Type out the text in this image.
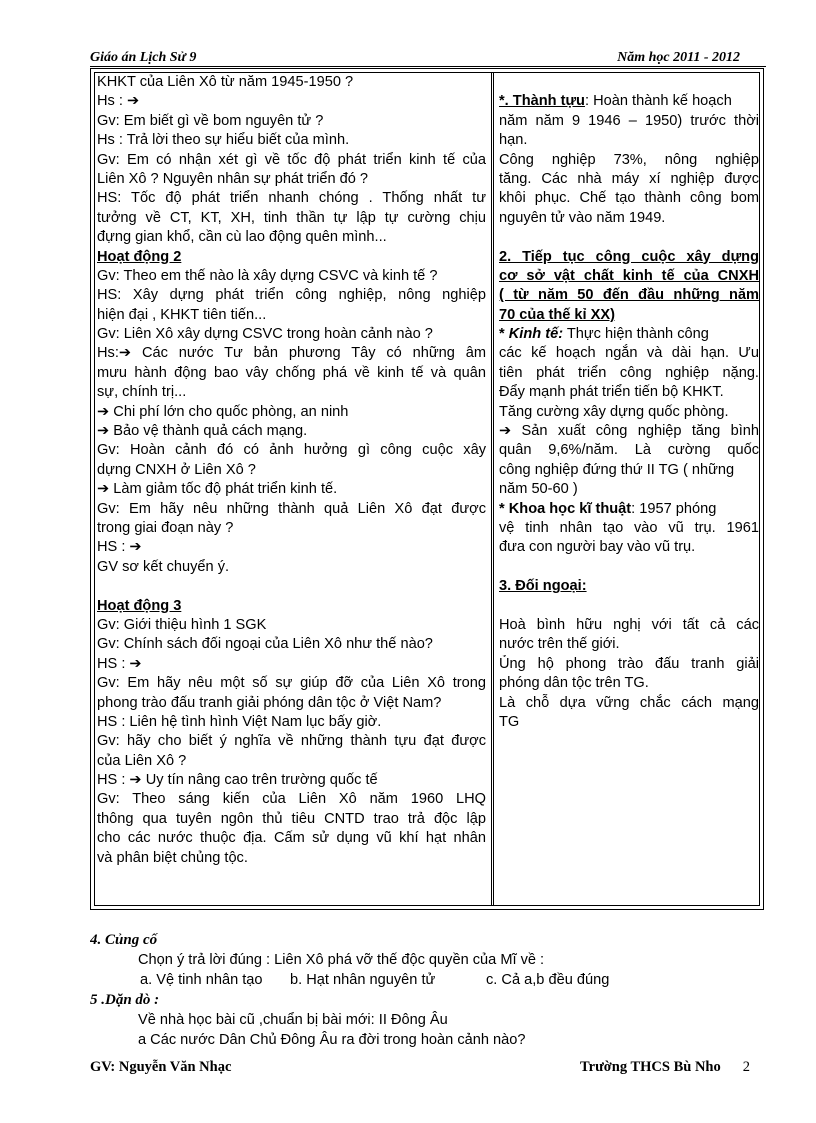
Giáo án Lịch Sử 9	Năm học 2011 - 2012
KHKT của Liên Xô từ năm 1945-1950 ?
Hs : ➔
Gv: Em biết gì về bom nguyên tử ?
Hs : Trả lời theo sự hiểu biết của mình.
Gv: Em có nhận xét gì về tốc độ phát triển kinh tế của
Liên Xô ? Nguyên nhân sự phát triển đó ?
HS: Tốc độ phát triển nhanh chóng . Thống nhất tư
tưởng về CT, KT, XH, tinh thần tự lập tự cường chịu
đựng gian khổ, cần cù lao động quên mình...
Hoạt động 2
Gv: Theo em thế nào là xây dựng CSVC và kinh tế ?
HS: Xây dựng phát triển công nghiệp, nông nghiệp
hiện đại , KHKT tiên tiến...
Gv: Liên Xô xây dựng CSVC trong hoàn cảnh nào ?
Hs:➔ Các nước Tư bản phương Tây có những âm
mưu hành động bao vây chống phá về kinh tế và quân
sự, chính trị...
➔ Chi phí lớn cho quốc phòng, an ninh
➔ Bảo vệ thành quả cách mạng.
Gv: Hoàn cảnh đó có ảnh hưởng gì công cuộc xây
dựng CNXH ở Liên Xô ?
➔ Làm giảm tốc độ phát triển kinh tế.
Gv: Em hãy nêu những thành quả Liên Xô đạt được
trong giai đoạn này ?
HS : ➔
GV sơ kết chuyển ý.
Hoạt động 3
Gv: Giới thiệu hình 1 SGK
Gv: Chính sách đối ngoại của Liên Xô như thế nào?
HS : ➔
Gv: Em hãy nêu một số sự giúp đỡ của Liên Xô trong
phong trào đấu tranh giải phóng dân tộc ở Việt Nam?
HS : Liên hệ tình hình Việt Nam lục bấy giờ.
Gv: hãy cho biết ý nghĩa về những thành tựu đạt được
của Liên Xô ?
HS : ➔ Uy tín nâng cao trên trường quốc tế
Gv: Theo sáng kiến của Liên Xô năm 1960 LHQ
thông qua tuyên ngôn thủ tiêu CNTD trao trả độc lập
cho các nước thuộc địa. Cấm sử dụng vũ khí hạt nhân
và phân biệt chủng tộc.
*. Thành tựu: Hoàn thành kế hoạch
năm năm 9 1946 – 1950) trước thời
hạn.
Công nghiệp 73%, nông nghiệp
tăng. Các nhà máy xí nghiệp được
khôi phục. Chế tạo thành công bom
nguyên tử vào năm 1949.
2. Tiếp tục công cuộc xây dựng
cơ sở vật chất kinh tế của CNXH
( từ năm 50 đến đầu những năm
70 của thế kỉ XX)
* Kinh tế: Thực hiện thành công
các kế hoạch ngắn và dài hạn. Ưu
tiên phát triển công nghiệp nặng.
Đẩy mạnh phát triển tiến bộ KHKT.
Tăng cường xây dựng quốc phòng.
➔ Sản xuất công nghiệp tăng bình
quân 9,6%/năm. Là cường quốc
công nghiệp đứng thứ II TG ( những
năm 50-60 )
* Khoa học kĩ thuật: 1957 phóng
vệ tinh nhân tạo vào vũ trụ. 1961
đưa con người bay vào vũ trụ.
3. Đối ngoại:
Hoà bình hữu nghị với tất cả các
nước trên thế giới.
Ủng hộ phong trào đấu tranh giải
phóng dân tộc trên TG.
Là chỗ dựa vững chắc cách mạng
TG
4. Củng cố
Chọn ý trả lời đúng : Liên Xô phá vỡ thế độc quyền của Mĩ về :
a. Vệ tinh nhân tạo b. Hạt nhân nguyên tử	c. Cả a,b đều đúng
5 .Dặn dò :
Về nhà học bài cũ ,chuẩn bị bài mới: II Đông Âu
a Các nước Dân Chủ Đông Âu ra đời trong hoàn cảnh nào?
GV: Nguyễn Văn Nhạc	Trường THCS Bù Nho 2
